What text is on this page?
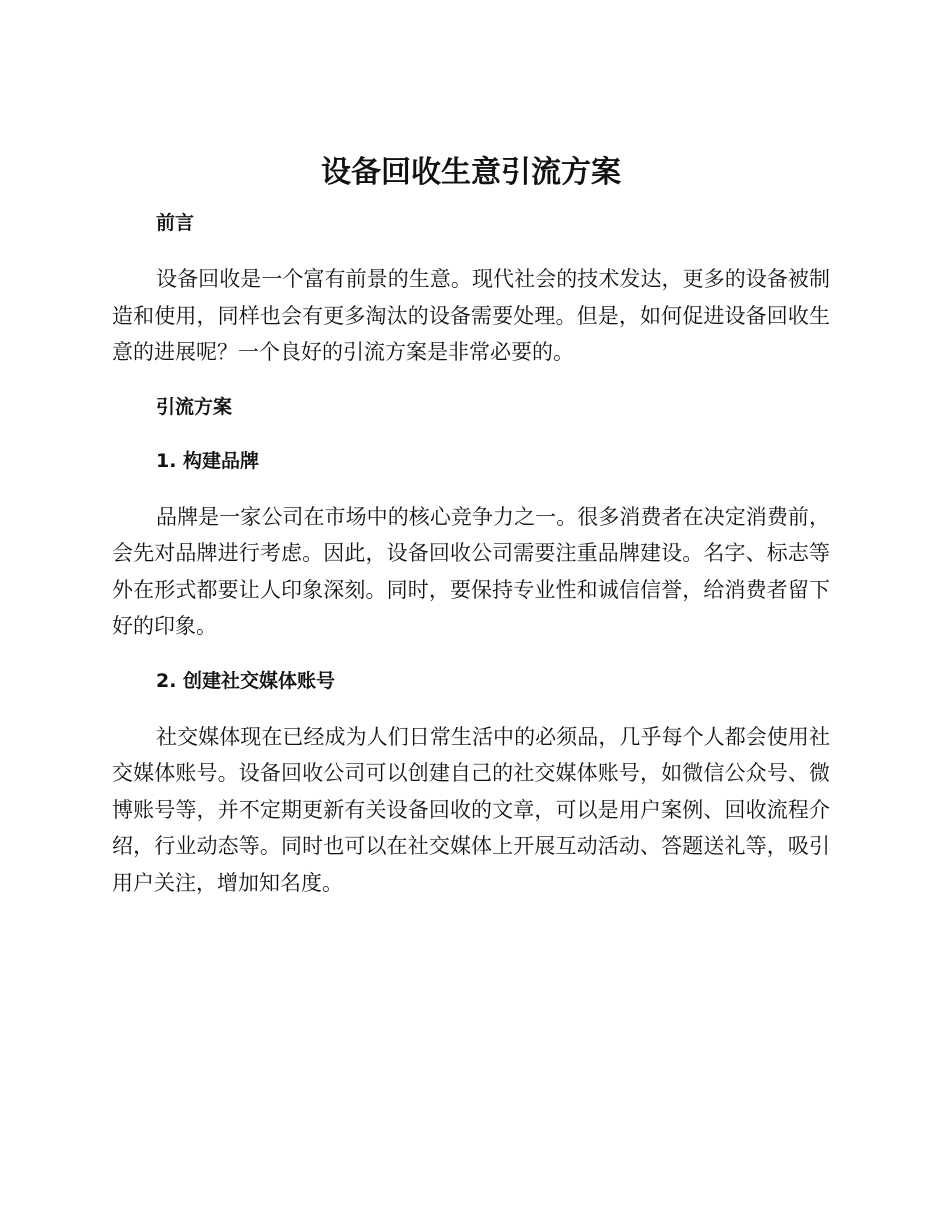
设备回收生意引流方案
前言

设备回收是一个富有前景的生意。现代社会的技术发达，更多的设备被制造和使用，同样也会有更多淘汰的设备需要处理。但是，如何促进设备回收生意的进展呢？一个良好的引流方案是非常必要的。

引流方案
1. 构建品牌

品牌是一家公司在市场中的核心竞争力之一。很多消费者在决定消费前，会先对品牌进行考虑。因此，设备回收公司需要注重品牌建设。名字、标志等外在形式都要让人印象深刻。同时，要保持专业性和诚信信誉，给消费者留下好的印象。

2. 创建社交媒体账号

社交媒体现在已经成为人们日常生活中的必须品，几乎每个人都会使用社交媒体账号。设备回收公司可以创建自己的社交媒体账号，如微信公众号、微博账号等，并不定期更新有关设备回收的文章，可以是用户案例、回收流程介绍，行业动态等。同时也可以在社交媒体上开展互动活动、答题送礼等，吸引用户关注，增加知名度。
